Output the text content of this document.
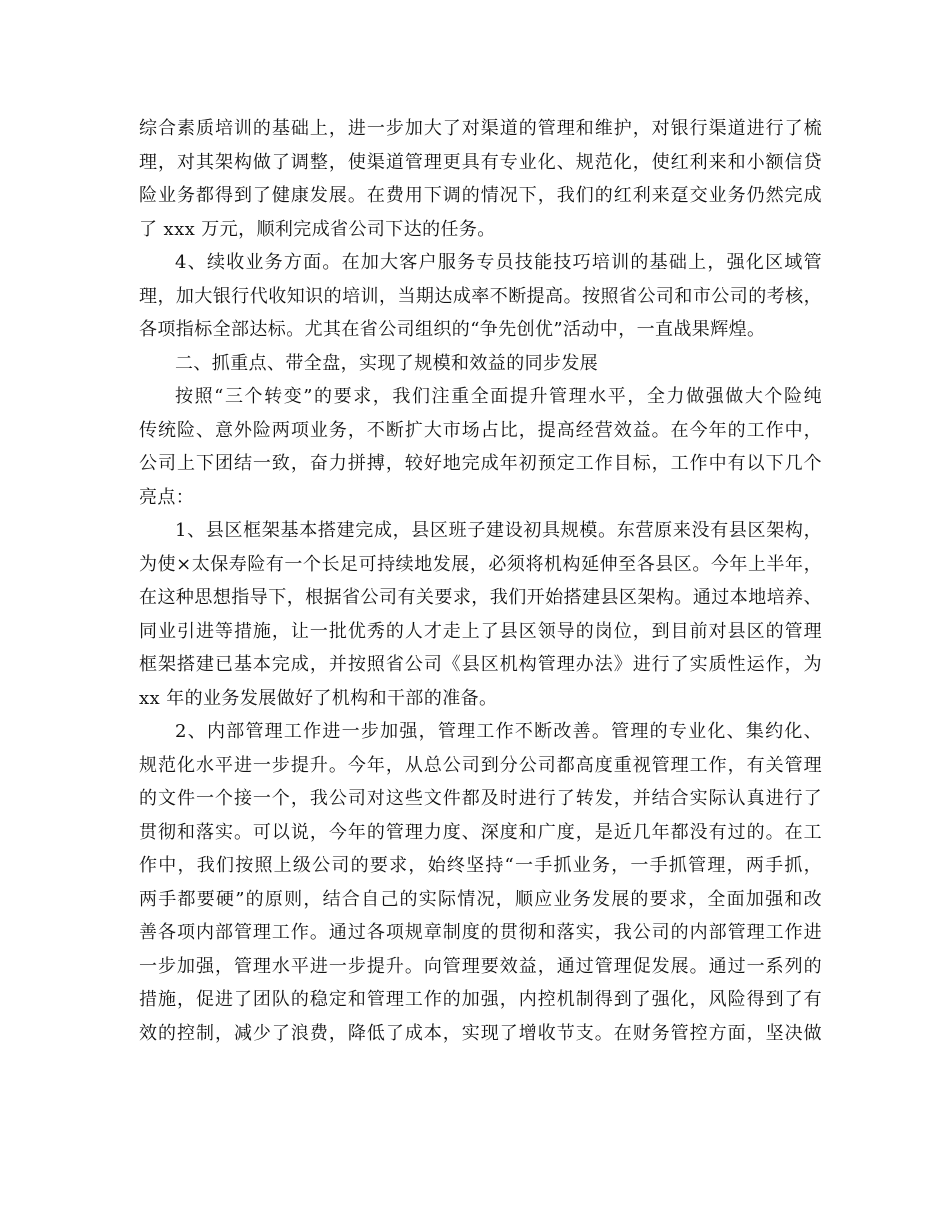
综合素质培训的基础上，进一步加大了对渠道的管理和维护，对银行渠道进行了梳
理，对其架构做了调整，使渠道管理更具有专业化、规范化，使红利来和小额信贷
险业务都得到了健康发展。在费用下调的情况下，我们的红利来趸交业务仍然完成
了 xxx 万元，顺利完成省公司下达的任务。

4、续收业务方面。在加大客户服务专员技能技巧培训的基础上，强化区域管
理，加大银行代收知识的培训，当期达成率不断提高。按照省公司和市公司的考核，
各项指标全部达标。尤其在省公司组织的“争先创优”活动中，一直战果辉煌。

二、抓重点、带全盘，实现了规模和效益的同步发展

按照“三个转变”的要求，我们注重全面提升管理水平，全力做强做大个险纯
传统险、意外险两项业务，不断扩大市场占比，提高经营效益。在今年的工作中，
公司上下团结一致，奋力拼搏，较好地完成年初预定工作目标，工作中有以下几个
亮点：

1、县区框架基本搭建完成，县区班子建设初具规模。东营原来没有县区架构，
为使×太保寿险有一个长足可持续地发展，必须将机构延伸至各县区。今年上半年，
在这种思想指导下，根据省公司有关要求，我们开始搭建县区架构。通过本地培养、
同业引进等措施，让一批优秀的人才走上了县区领导的岗位，到目前对县区的管理
框架搭建已基本完成，并按照省公司《县区机构管理办法》进行了实质性运作，为
xx 年的业务发展做好了机构和干部的准备。

2、内部管理工作进一步加强，管理工作不断改善。管理的专业化、集约化、
规范化水平进一步提升。今年，从总公司到分公司都高度重视管理工作，有关管理
的文件一个接一个，我公司对这些文件都及时进行了转发，并结合实际认真进行了
贯彻和落实。可以说，今年的管理力度、深度和广度，是近几年都没有过的。在工
作中，我们按照上级公司的要求，始终坚持“一手抓业务，一手抓管理，两手抓，
两手都要硬”的原则，结合自己的实际情况，顺应业务发展的要求，全面加强和改
善各项内部管理工作。通过各项规章制度的贯彻和落实，我公司的内部管理工作进
一步加强，管理水平进一步提升。向管理要效益，通过管理促发展。通过一系列的
措施，促进了团队的稳定和管理工作的加强，内控机制得到了强化，风险得到了有
效的控制，减少了浪费，降低了成本，实现了增收节支。在财务管控方面，坚决做
